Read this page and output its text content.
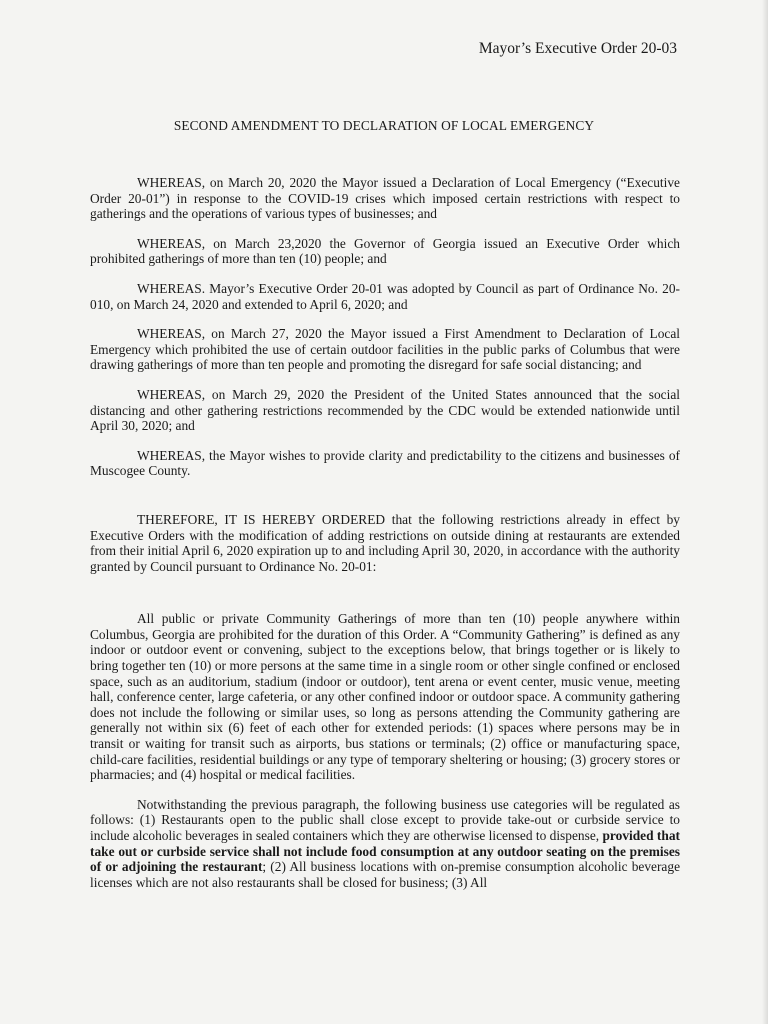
Mayor’s Executive Order 20-03
SECOND AMENDMENT TO DECLARATION OF LOCAL EMERGENCY

WHEREAS, on March 20, 2020 the Mayor issued a Declaration of Local Emergency (“Executive Order 20-01”) in response to the COVID-19 crises which imposed certain restrictions with respect to gatherings and the operations of various types of businesses; and

WHEREAS, on March 23,2020 the Governor of Georgia issued an Executive Order which prohibited gatherings of more than ten (10) people; and

WHEREAS. Mayor’s Executive Order 20-01 was adopted by Council as part of Ordinance No. 20-010, on March 24, 2020 and extended to April 6, 2020; and

WHEREAS, on March 27, 2020 the Mayor issued a First Amendment to Declaration of Local Emergency which prohibited the use of certain outdoor facilities in the public parks of Columbus that were drawing gatherings of more than ten people and promoting the disregard for safe social distancing; and

WHEREAS, on March 29, 2020 the President of the United States announced that the social distancing and other gathering restrictions recommended by the CDC would be extended nationwide until April 30, 2020; and

WHEREAS, the Mayor wishes to provide clarity and predictability to the citizens and businesses of Muscogee County.

THEREFORE, IT IS HEREBY ORDERED that the following restrictions already in effect by Executive Orders with the modification of adding restrictions on outside dining at restaurants are extended from their initial April 6, 2020 expiration up to and including April 30, 2020, in accordance with the authority granted by Council pursuant to Ordinance No. 20-01:

All public or private Community Gatherings of more than ten (10) people anywhere within Columbus, Georgia are prohibited for the duration of this Order. A “Community Gathering” is defined as any indoor or outdoor event or convening, subject to the exceptions below, that brings together or is likely to bring together ten (10) or more persons at the same time in a single room or other single confined or enclosed space, such as an auditorium, stadium (indoor or outdoor), tent arena or event center, music venue, meeting hall, conference center, large cafeteria, or any other confined indoor or outdoor space. A community gathering does not include the following or similar uses, so long as persons attending the Community gathering are generally not within six (6) feet of each other for extended periods: (1) spaces where persons may be in transit or waiting for transit such as airports, bus stations or terminals; (2) office or manufacturing space, child-care facilities, residential buildings or any type of temporary sheltering or housing; (3) grocery stores or pharmacies; and (4) hospital or medical facilities.

Notwithstanding the previous paragraph, the following business use categories will be regulated as follows: (1) Restaurants open to the public shall close except to provide take-out or curbside service to include alcoholic beverages in sealed containers which they are otherwise licensed to dispense, provided that take out or curbside service shall not include food consumption at any outdoor seating on the premises of or adjoining the restaurant; (2) All business locations with on-premise consumption alcoholic beverage licenses which are not also restaurants shall be closed for business; (3) All
